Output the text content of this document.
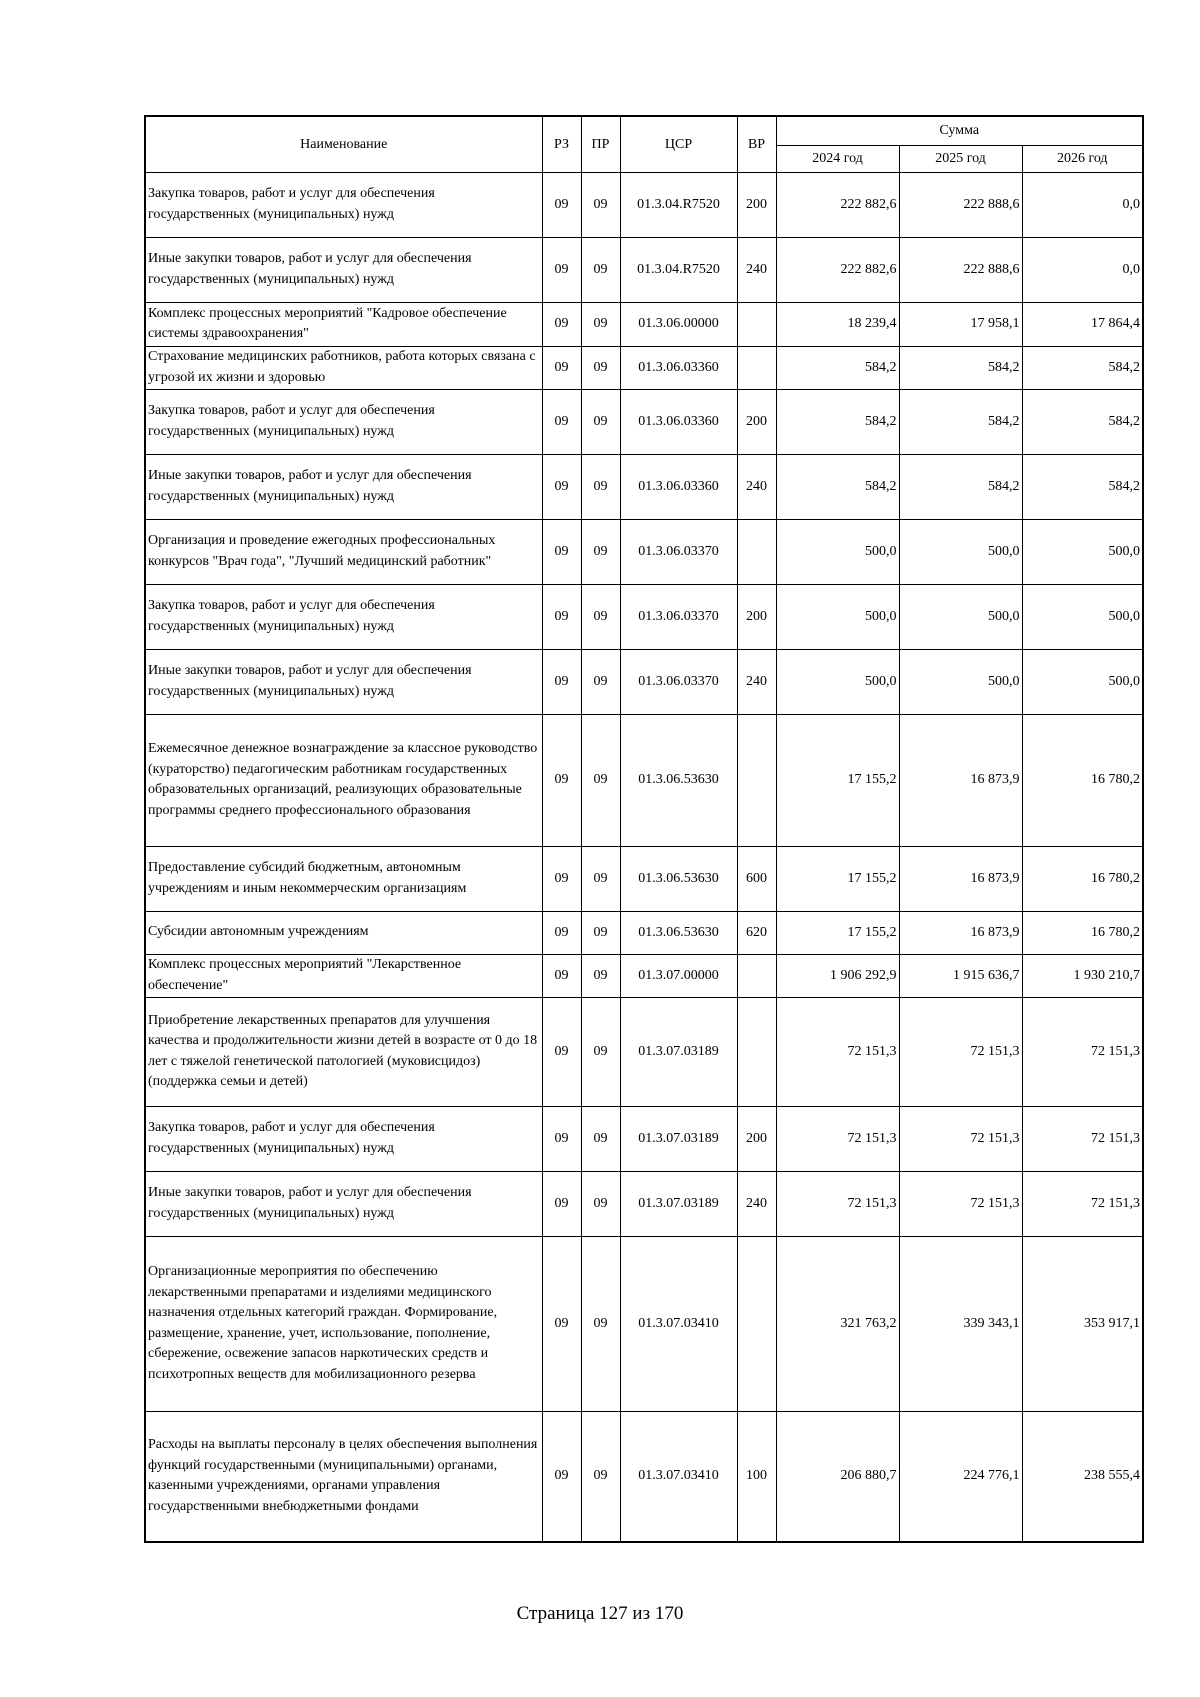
Наименование	РЗ	ПР	ЦСР	ВР	Сумма		
					2024 год	2025 год	2026 год
Закупка товаров, работ и услуг для обеспечения государственных (муниципальных) нужд	09	09	01.3.04.R7520	200	222 882,6	222 888,6	0,0
Иные закупки товаров, работ и услуг для обеспечения государственных (муниципальных) нужд	09	09	01.3.04.R7520	240	222 882,6	222 888,6	0,0
Комплекс процессных мероприятий "Кадровое обеспечение системы здравоохранения"	09	09	01.3.06.00000		18 239,4	17 958,1	17 864,4
Страхование медицинских работников, работа которых связана с угрозой их жизни и здоровью	09	09	01.3.06.03360		584,2	584,2	584,2
Закупка товаров, работ и услуг для обеспечения государственных (муниципальных) нужд	09	09	01.3.06.03360	200	584,2	584,2	584,2
Иные закупки товаров, работ и услуг для обеспечения государственных (муниципальных) нужд	09	09	01.3.06.03360	240	584,2	584,2	584,2
Организация и проведение ежегодных профессиональных конкурсов "Врач года", "Лучший медицинский работник"	09	09	01.3.06.03370		500,0	500,0	500,0
Закупка товаров, работ и услуг для обеспечения государственных (муниципальных) нужд	09	09	01.3.06.03370	200	500,0	500,0	500,0
Иные закупки товаров, работ и услуг для обеспечения государственных (муниципальных) нужд	09	09	01.3.06.03370	240	500,0	500,0	500,0
Ежемесячное денежное вознаграждение за классное руководство (кураторство) педагогическим работникам государственных образовательных организаций, реализующих образовательные программы среднего профессионального образования	09	09	01.3.06.53630		17 155,2	16 873,9	16 780,2
Предоставление субсидий бюджетным, автономным учреждениям и иным некоммерческим организациям	09	09	01.3.06.53630	600	17 155,2	16 873,9	16 780,2
Субсидии автономным учреждениям	09	09	01.3.06.53630	620	17 155,2	16 873,9	16 780,2
Комплекс процессных мероприятий "Лекарственное обеспечение"	09	09	01.3.07.00000		1 906 292,9	1 915 636,7	1 930 210,7
Приобретение лекарственных препаратов для улучшения качества и продолжительности жизни детей в возрасте от 0 до 18 лет с тяжелой генетической патологией (муковисцидоз) (поддержка семьи и детей)	09	09	01.3.07.03189		72 151,3	72 151,3	72 151,3
Закупка товаров, работ и услуг для обеспечения государственных (муниципальных) нужд	09	09	01.3.07.03189	200	72 151,3	72 151,3	72 151,3
Иные закупки товаров, работ и услуг для обеспечения государственных (муниципальных) нужд	09	09	01.3.07.03189	240	72 151,3	72 151,3	72 151,3
Организационные мероприятия по обеспечению лекарственными препаратами и изделиями медицинского назначения отдельных категорий граждан. Формирование, размещение, хранение, учет, использование, пополнение, сбережение, освежение запасов наркотических средств и психотропных веществ для мобилизационного резерва	09	09	01.3.07.03410		321 763,2	339 343,1	353 917,1
Расходы на выплаты персоналу в целях обеспечения выполнения функций государственными (муниципальными) органами, казенными учреждениями, органами управления государственными внебюджетными фондами	09	09	01.3.07.03410	100	206 880,7	224 776,1	238 555,4
Страница 127 из 170
